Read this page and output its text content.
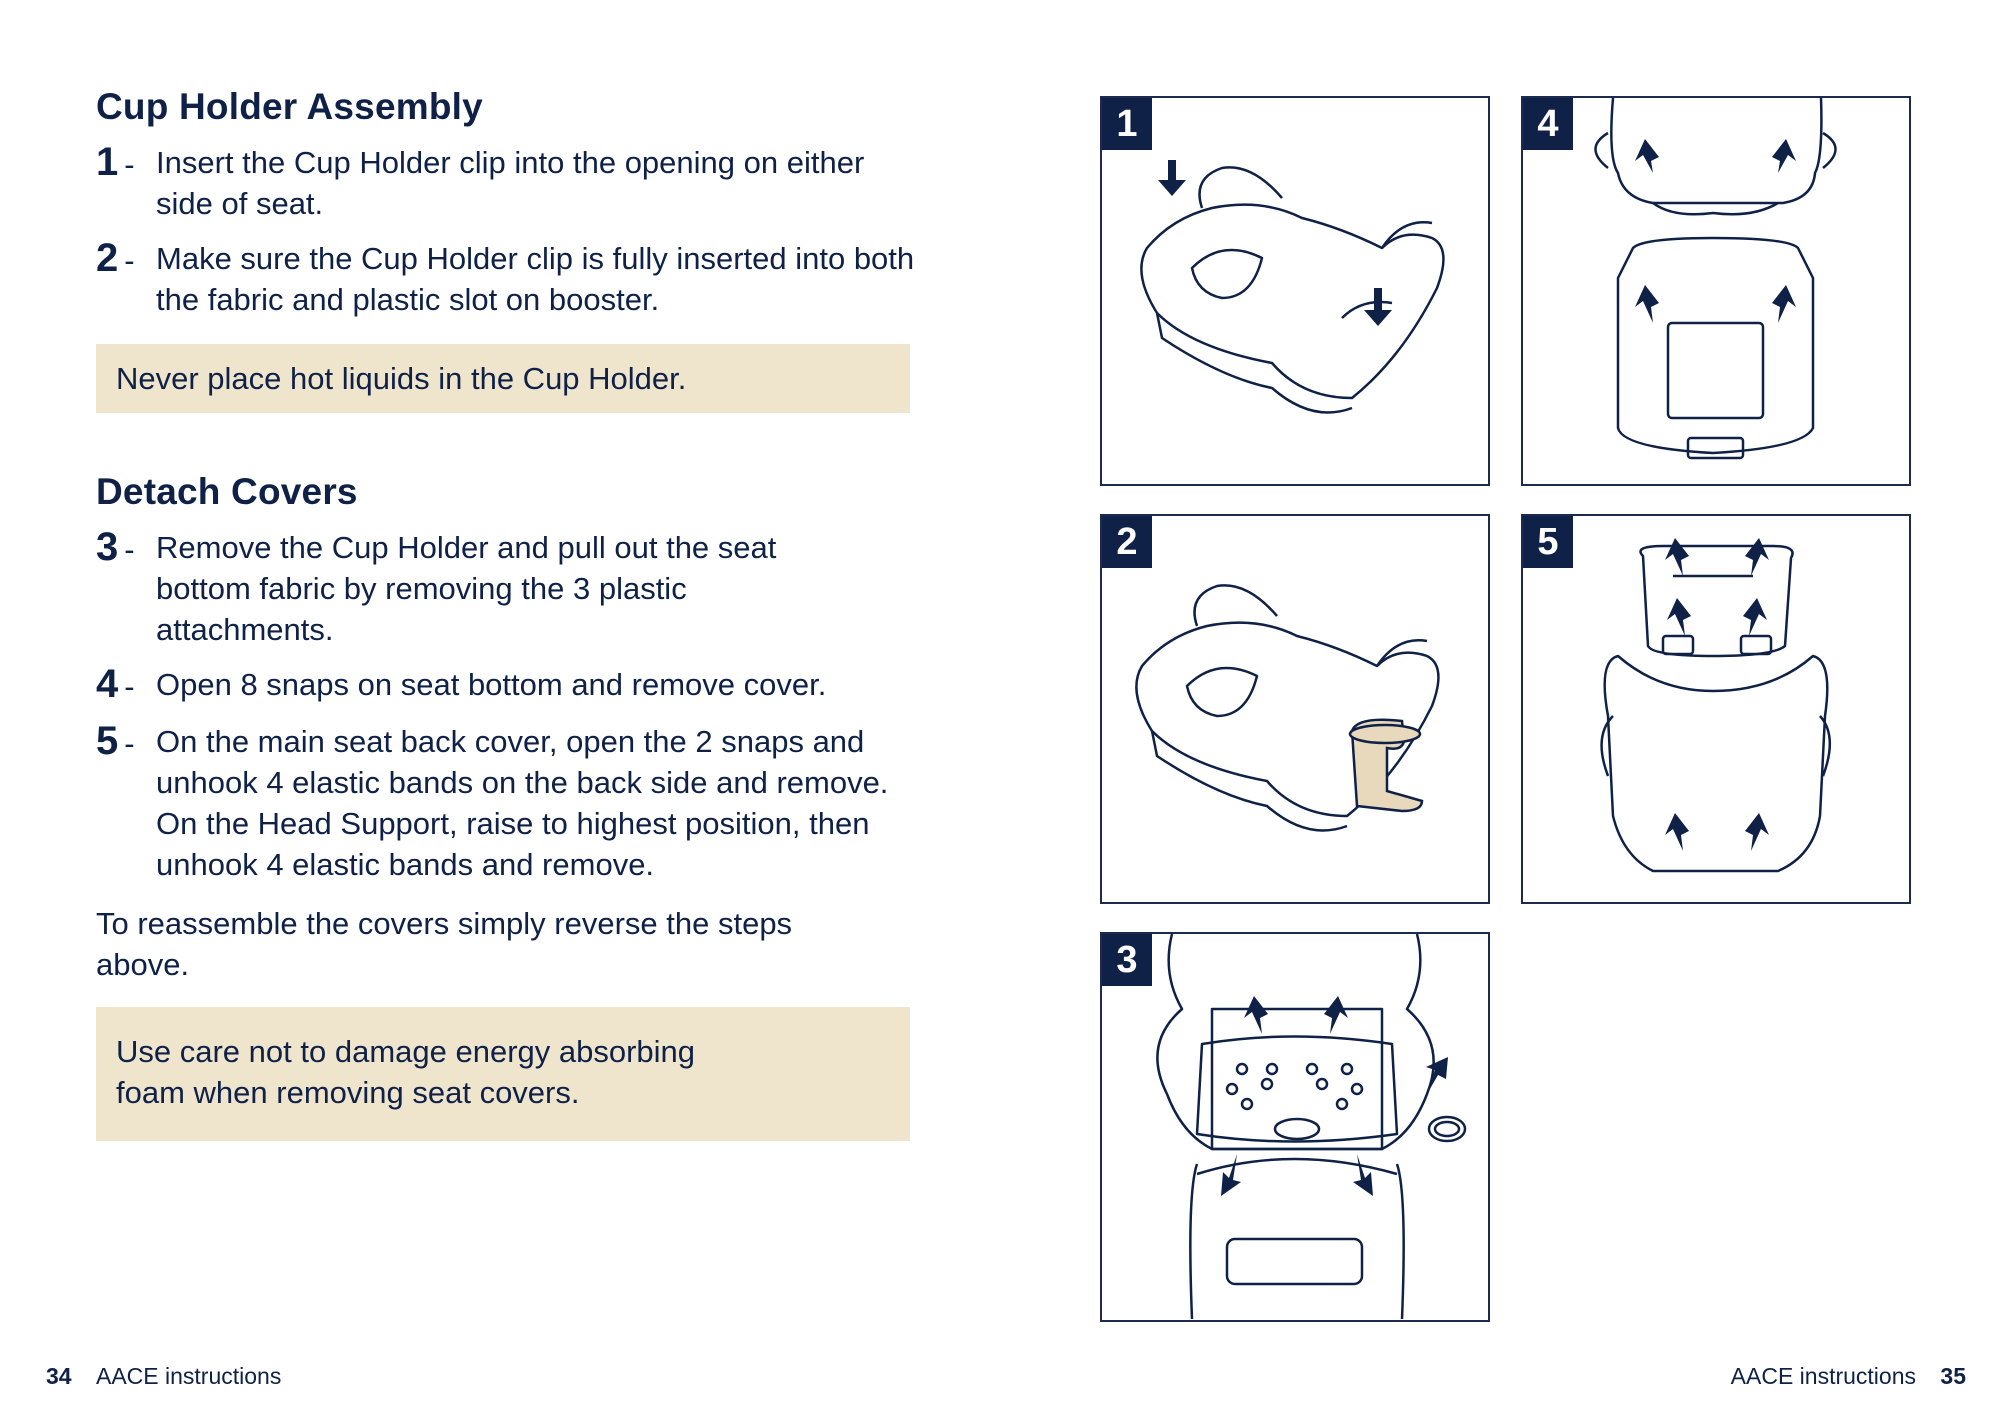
Cup Holder Assembly
1 - Insert the Cup Holder clip into the opening on either side of seat.
2 - Make sure the Cup Holder clip is fully inserted into both the fabric and plastic slot on booster.
Never place hot liquids in the Cup Holder.
Detach Covers
3 - Remove the Cup Holder and pull out the seat bottom fabric by removing the 3 plastic attachments.
4 - Open 8 snaps on seat bottom and remove cover.
5 - On the main seat back cover, open the 2 snaps and unhook 4 elastic bands on the back side and remove. On the Head Support, raise to highest position, then unhook 4 elastic bands and remove.
To reassemble the covers simply reverse the steps above.
Use care not to damage energy absorbing foam when removing seat covers.
1	4
2	5
3
34 AACE instructions	AACE instructions 35
